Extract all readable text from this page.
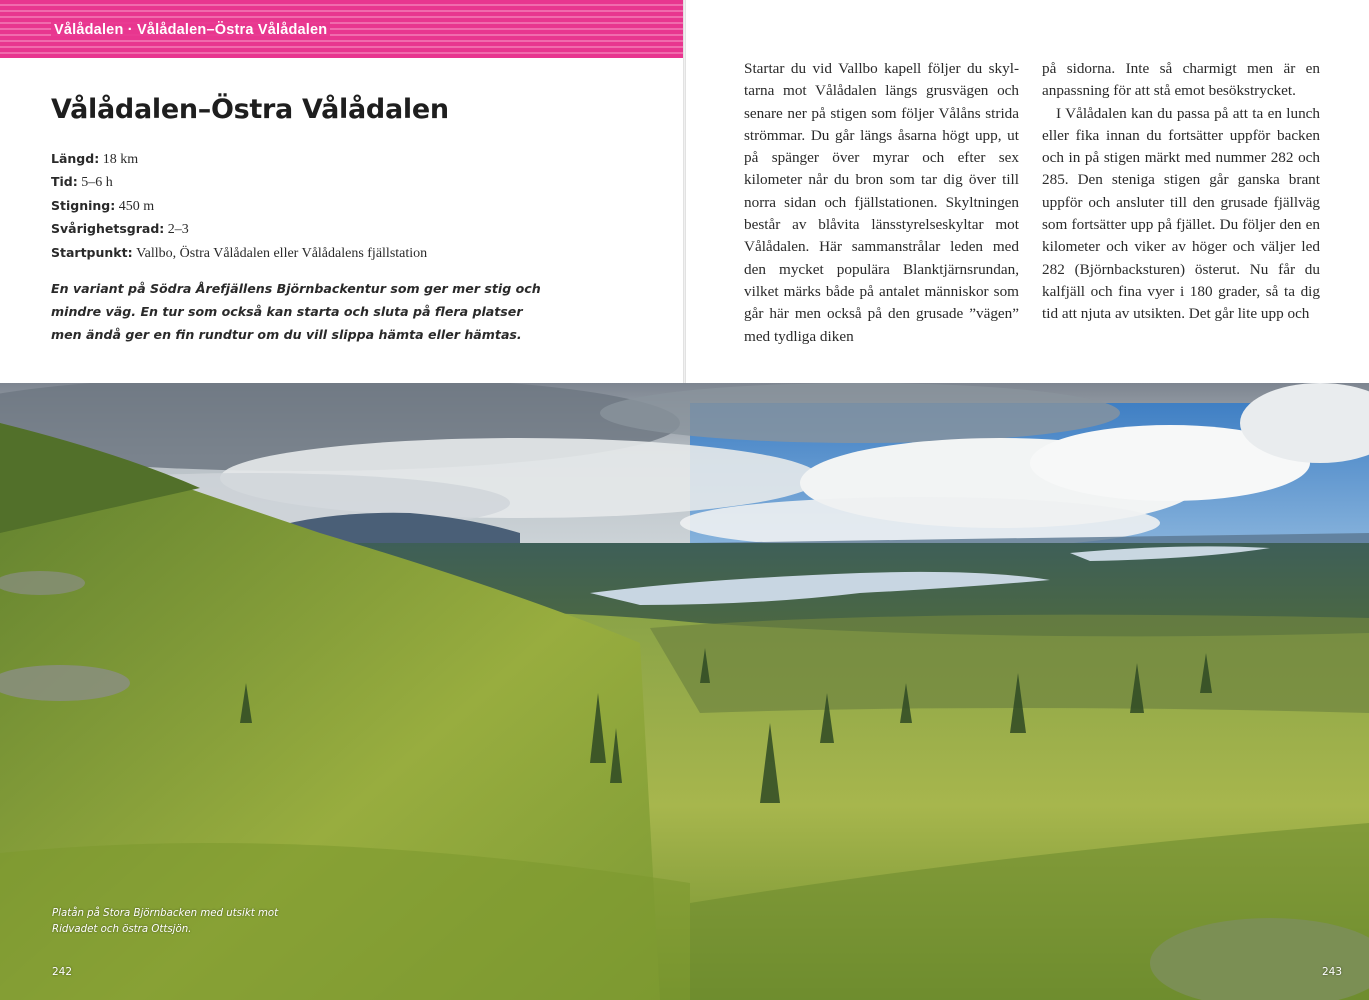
Vålådalen · Vålådalen–Östra Vålådalen
Vålådalen–Östra Vålådalen
Längd: 18 km
Tid: 5–6 h
Stigning: 450 m
Svårighetsgrad: 2–3
Startpunkt: Vallbo, Östra Vålådalen eller Vålådalens fjällstation

En variant på Södra Årefjällens Björnbackentur som ger mer stig och mindre väg. En tur som också kan starta och sluta på flera platser men ändå ger en fin rundtur om du vill slippa hämta eller hämtas.

Startar du vid Vallbo kapell följer du skyltarna mot Vålådalen längs grusvägen och senare ner på stigen som följer Vålåns strida strömmar. Du går längs åsarna högt upp, ut på spänger över myrar och efter sex kilometer når du bron som tar dig över till norra sidan och fjällstationen. Skyltningen består av blåvita länsstyrelseskyltar mot Vålådalen. Här sammanstrålar leden med den mycket populära Blanktjärnsrundan, vilket märks både på antalet människor som går här men också på den grusade ”vägen” med tydliga diken

på sidorna. Inte så charmigt men är en anpassning för att stå emot besökstrycket.

I Vålådalen kan du passa på att ta en lunch eller fika innan du fortsätter uppför backen och in på stigen märkt med nummer 282 och 285. Den steniga stigen går ganska brant uppför och ansluter till den grusade fjällväg som fortsätter upp på fjället. Du följer den en kilometer och viker av höger och väljer led 282 (Björnbacksturen) österut. Nu får du kalfjäll och fina vyer i 180 grader, så ta dig tid att njuta av utsikten. Det går lite upp och

Platån på Stora Björnbacken med utsikt mot Ridvadet och östra Ottsjön.

242	243
